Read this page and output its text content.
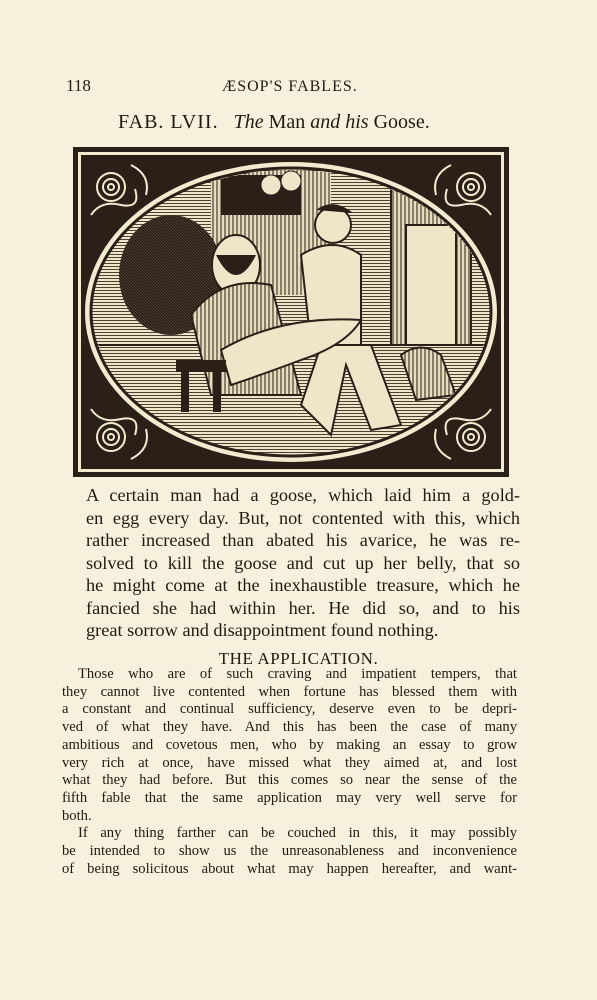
118	ÆSOP'S FABLES.
FAB. LVII. The Man and his Goose.
A certain man had a goose, which laid him a gold-
en egg every day. But, not contented with this, which
rather increased than abated his avarice, he was re-
solved to kill the goose and cut up her belly, that so
he might come at the inexhaustible treasure, which he
fancied she had within her. He did so, and to his
great sorrow and disappointment found nothing.
THE APPLICATION.
Those who are of such craving and impatient tempers, that
they cannot live contented when fortune has blessed them with
a constant and continual sufficiency, deserve even to be depri-
ved of what they have. And this has been the case of many
ambitious and covetous men, who by making an essay to grow
very rich at once, have missed what they aimed at, and lost
what they had before. But this comes so near the sense of the
fifth fable that the same application may very well serve for
both.
If any thing farther can be couched in this, it may possibly
be intended to show us the unreasonableness and inconvenience
of being solicitous about what may happen hereafter, and want-
